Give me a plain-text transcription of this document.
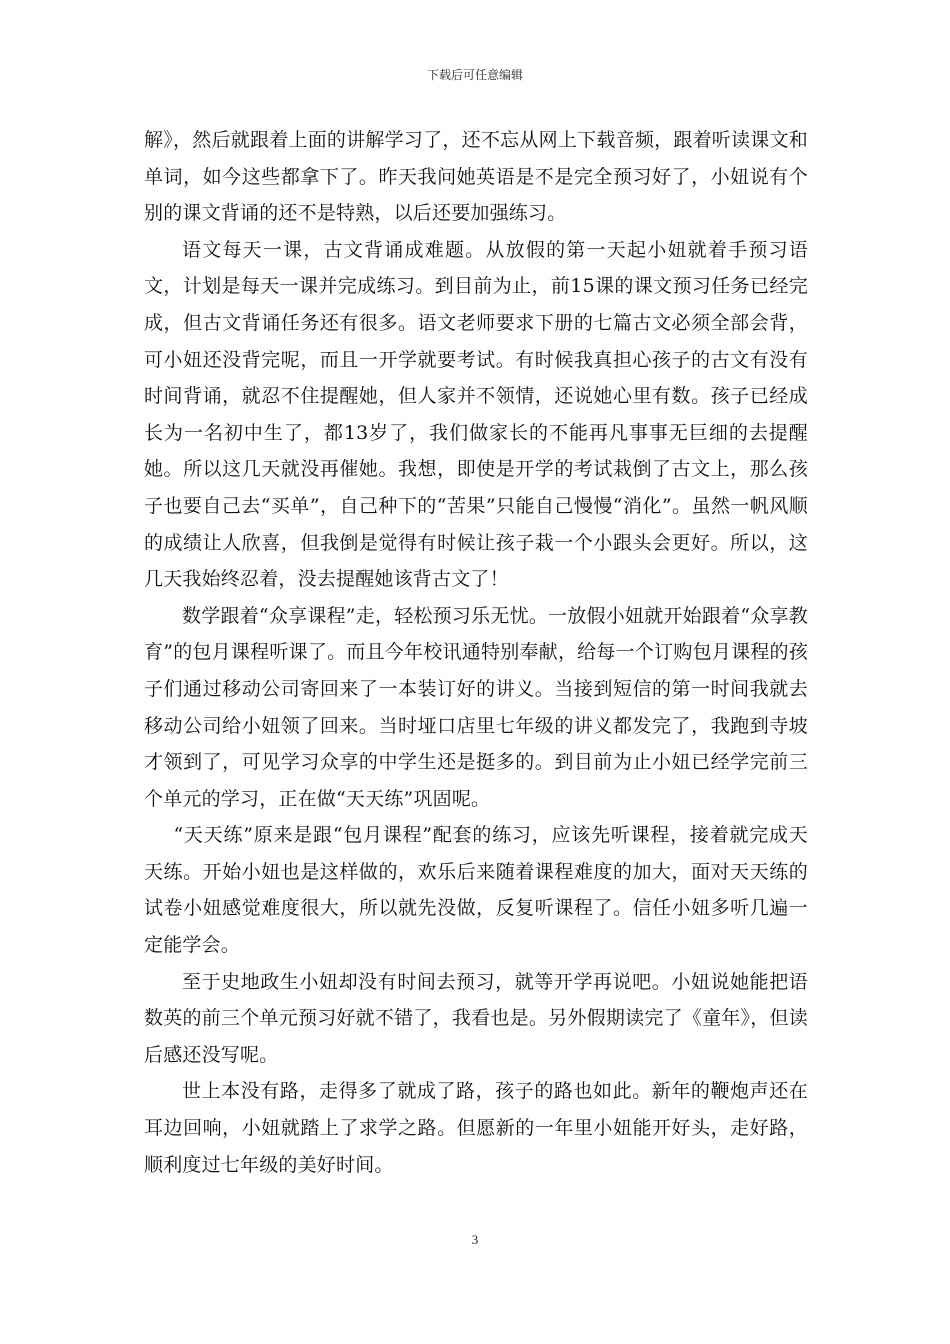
下载后可任意编辑

解》，然后就跟着上面的讲解学习了，还不忘从网上下载音频，跟着听读课文和单词，如今这些都拿下了。昨天我问她英语是不是完全预习好了，小妞说有个别的课文背诵的还不是特熟，以后还要加强练习。

语文每天一课，古文背诵成难题。从放假的第一天起小妞就着手预习语文，计划是每天一课并完成练习。到目前为止，前15课的课文预习任务已经完成，但古文背诵任务还有很多。语文老师要求下册的七篇古文必须全部会背，可小妞还没背完呢，而且一开学就要考试。有时候我真担心孩子的古文有没有时间背诵，就忍不住提醒她，但人家并不领情，还说她心里有数。孩子已经成长为一名初中生了，都13岁了，我们做家长的不能再凡事事无巨细的去提醒她。所以这几天就没再催她。我想，即使是开学的考试栽倒了古文上，那么孩子也要自己去“买单”，自己种下的“苦果”只能自己慢慢“消化”。虽然一帆风顺的成绩让人欣喜，但我倒是觉得有时候让孩子栽一个小跟头会更好。所以，这几天我始终忍着，没去提醒她该背古文了！

数学跟着“众享课程”走，轻松预习乐无忧。一放假小妞就开始跟着“众享教育”的包月课程听课了。而且今年校讯通特别奉献，给每一个订购包月课程的孩子们通过移动公司寄回来了一本装订好的讲义。当接到短信的第一时间我就去移动公司给小妞领了回来。当时垭口店里七年级的讲义都发完了，我跑到寺坡才领到了，可见学习众享的中学生还是挺多的。到目前为止小妞已经学完前三个单元的学习，正在做“天天练”巩固呢。

“天天练”原来是跟“包月课程”配套的练习，应该先听课程，接着就完成天天练。开始小妞也是这样做的，欢乐后来随着课程难度的加大，面对天天练的试卷小妞感觉难度很大，所以就先没做，反复听课程了。信任小妞多听几遍一定能学会。

至于史地政生小妞却没有时间去预习，就等开学再说吧。小妞说她能把语数英的前三个单元预习好就不错了，我看也是。另外假期读完了《童年》，但读后感还没写呢。

世上本没有路，走得多了就成了路，孩子的路也如此。新年的鞭炮声还在耳边回响，小妞就踏上了求学之路。但愿新的一年里小妞能开好头，走好路，顺利度过七年级的美好时间。

3
